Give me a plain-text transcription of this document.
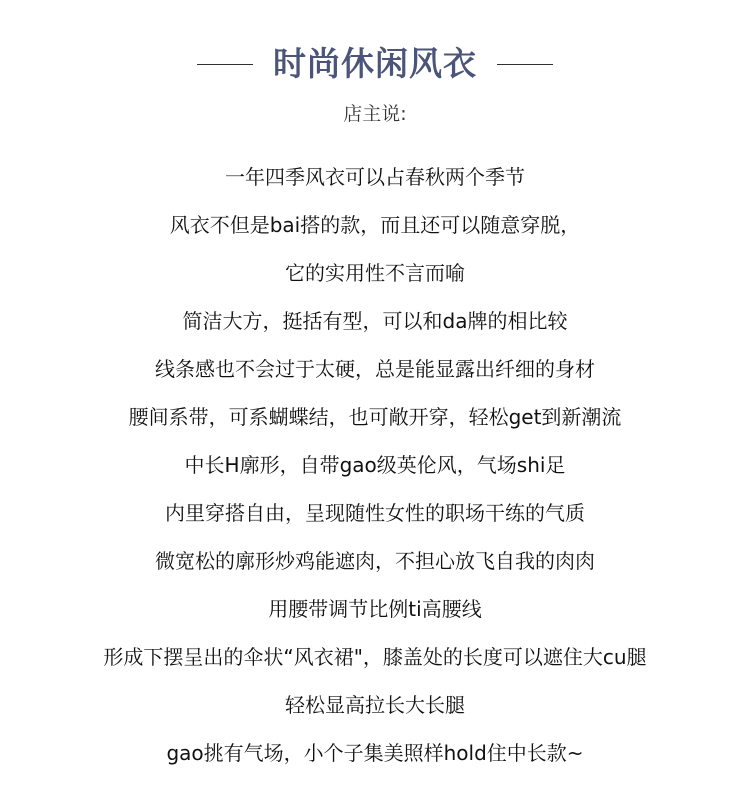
时尚休闲风衣
店主说:
一年四季风衣可以占春秋两个季节
风衣不但是bai搭的款，而且还可以随意穿脱，
它的实用性不言而喻
简洁大方，挺括有型，可以和da牌的相比较
线条感也不会过于太硬，总是能显露出纤细的身材
腰间系带，可系蝴蝶结，也可敞开穿，轻松get到新潮流
中长H廓形，自带gao级英伦风，气场shi足
内里穿搭自由，呈现随性女性的职场干练的气质
微宽松的廓形炒鸡能遮肉，不担心放飞自我的肉肉
用腰带调节比例ti高腰线
形成下摆呈出的伞状“风衣裙"，膝盖处的长度可以遮住大cu腿
轻松显高拉长大长腿
gao挑有气场，小个子集美照样hold住中长款~
